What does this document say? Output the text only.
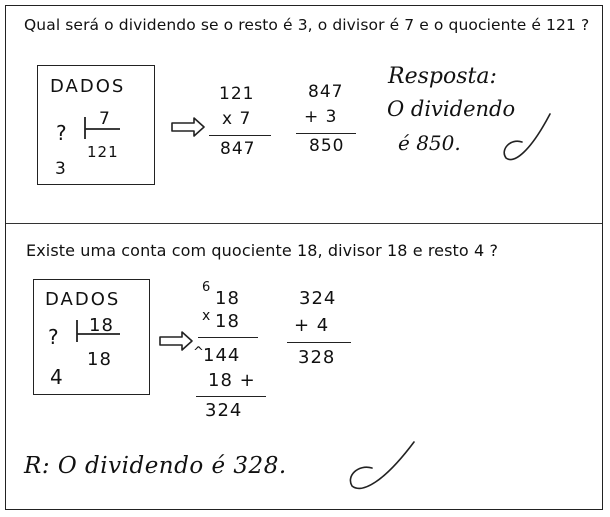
Qual será o dividendo se o resto é 3, o divisor é 7 e o quociente é 121 ?
DADOS
?
7
121
3
121
x 7
847
847
+ 3
850
Resposta:
O dividendo
é 850.
Existe uma conta com quociente 18, divisor 18 e resto 4 ?
DADOS
? 18
18
4
6
18
x 18
^
144
18 +
324
324
+ 4
328
R: O dividendo é 328.
